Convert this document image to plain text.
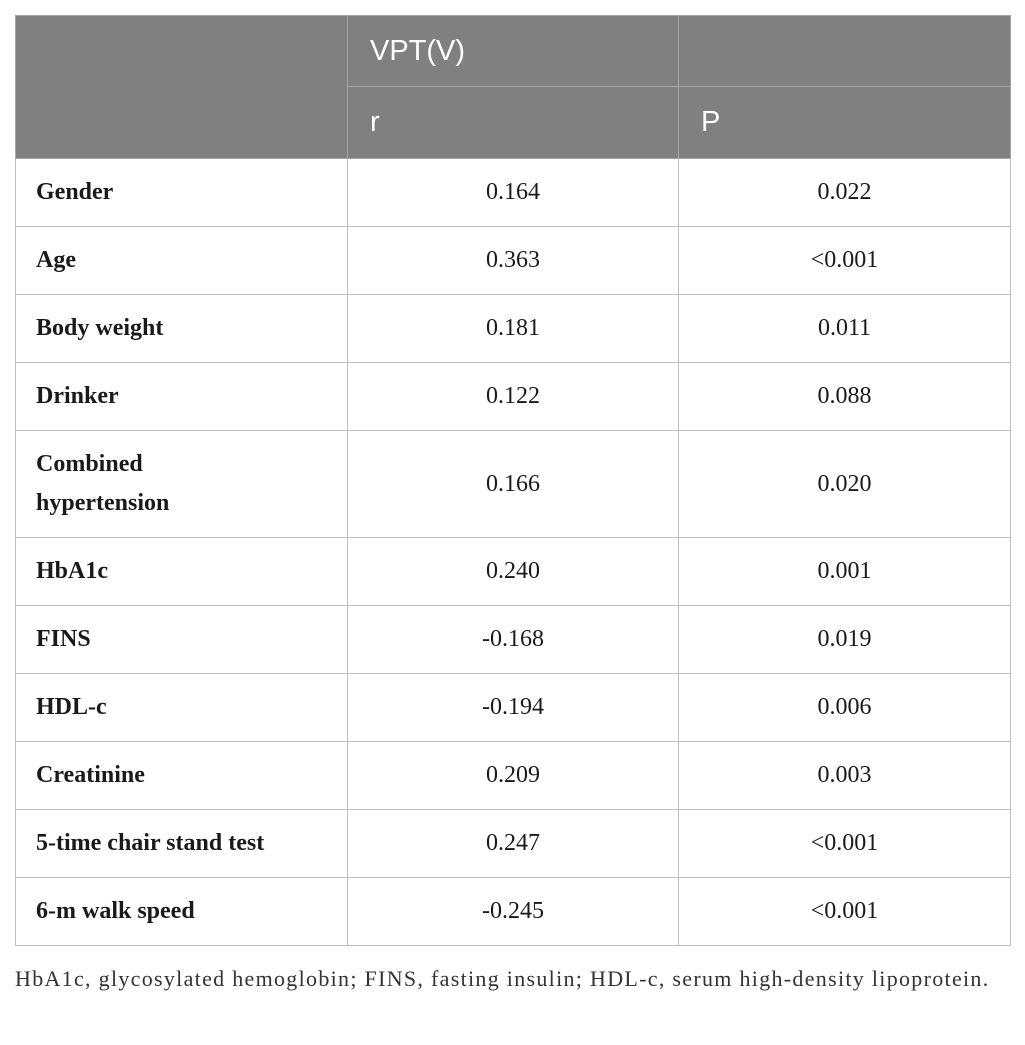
	VPT(V)	
	r	P
Gender	0.164	0.022
Age	0.363	<0.001
Body weight	0.181	0.011
Drinker	0.122	0.088
Combined hypertension	0.166	0.020
HbA1c	0.240	0.001
FINS	-0.168	0.019
HDL-c	-0.194	0.006
Creatinine	0.209	0.003
5-time chair stand test	0.247	<0.001
6-m walk speed	-0.245	<0.001

HbA1c, glycosylated hemoglobin; FINS, fasting insulin; HDL-c, serum high-density lipoprotein.
